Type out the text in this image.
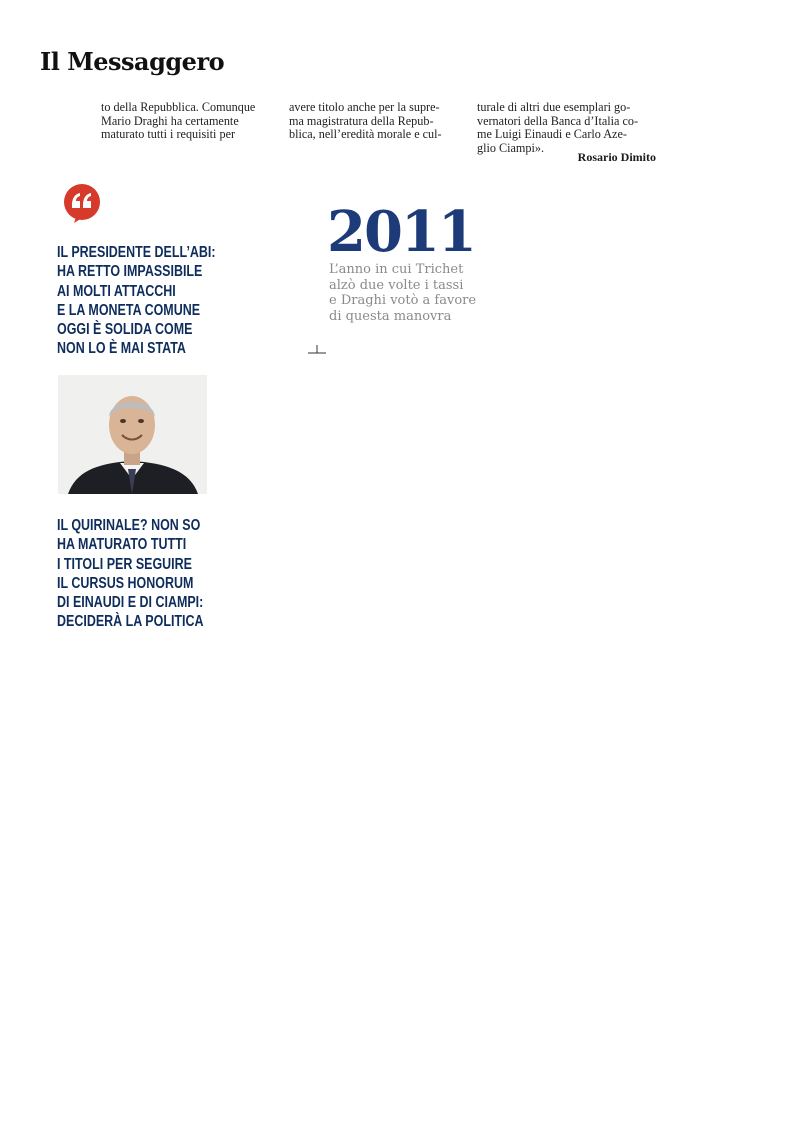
Il Messaggero

to della Repubblica. Comunque

Mario Draghi ha certamente

maturato tutti i requisiti per

avere titolo anche per la supre-

ma magistratura della Repub-

blica, nell’eredità morale e cul-

turale di altri due esemplari go-

vernatori della Banca d’Italia co-

me Luigi Einaudi e Carlo Aze-

glio Ciampi».

Rosario Dimito
IL PRESIDENTE DELL’ABI:
HA RETTO IMPASSIBILE
AI MOLTI ATTACCHI
E LA MONETA COMUNE
OGGI È SOLIDA COME
NON LO È MAI STATA
IL QUIRINALE? NON SO
HA MATURATO TUTTI
I TITOLI PER SEGUIRE
IL CURSUS HONORUM
DI EINAUDI E DI CIAMPI:
DECIDERÀ LA POLITICA
2011
L’anno in cui Trichet
alzò due volte i tassi
e Draghi votò a favore
di questa manovra
